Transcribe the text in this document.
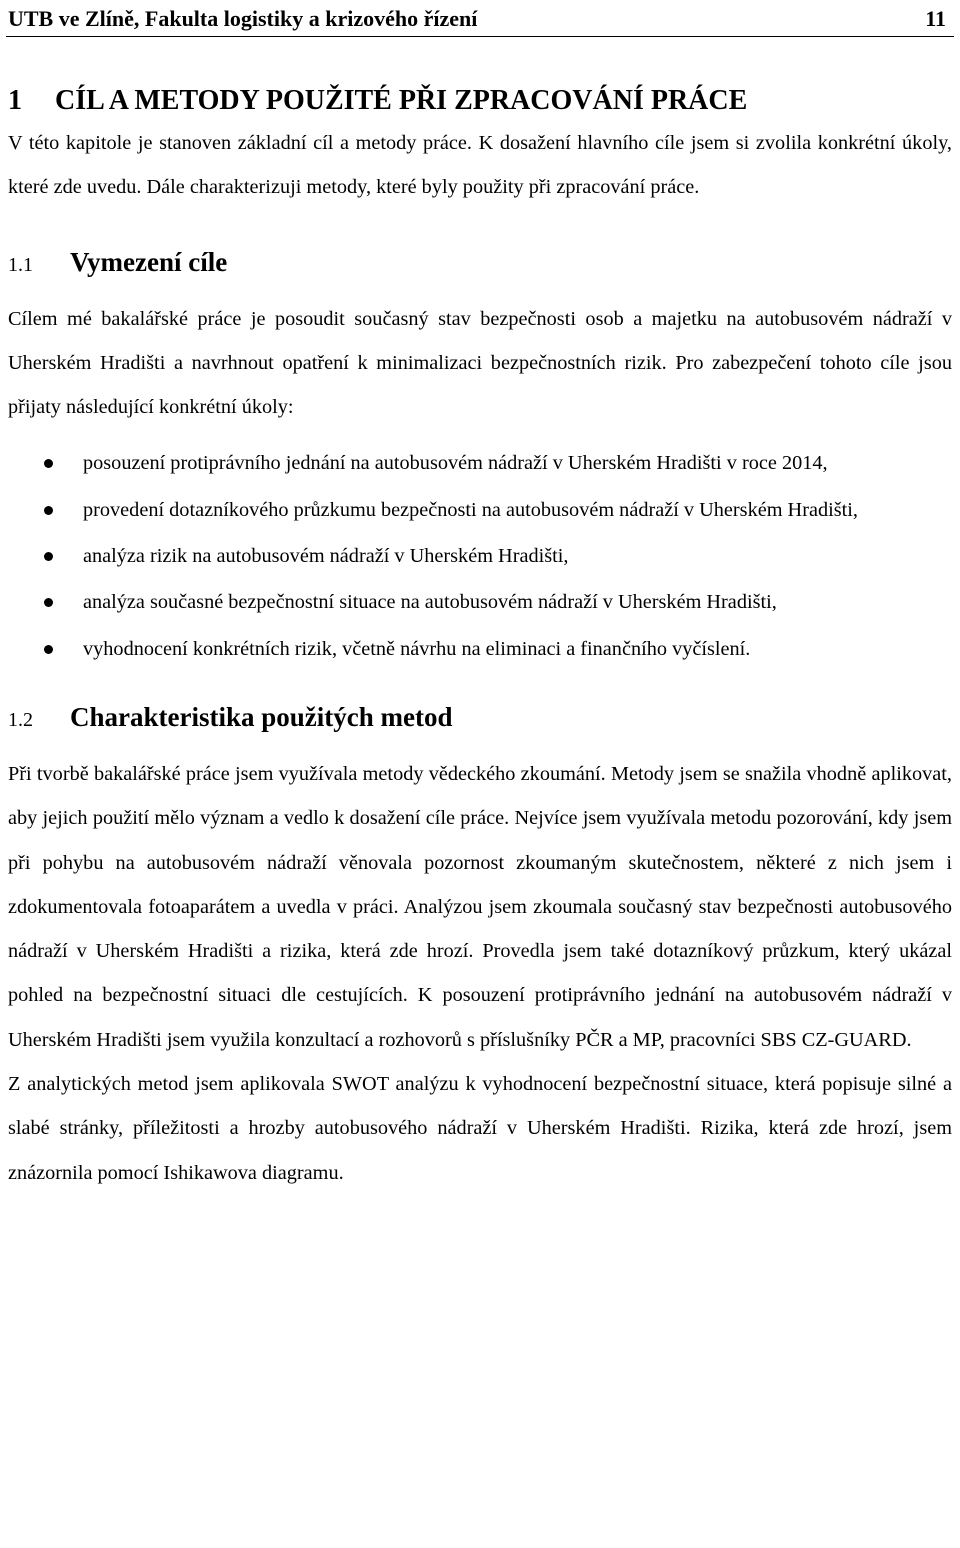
UTB ve Zlíně, Fakulta logistiky a krizového řízení	11
1	CÍL A METODY POUŽITÉ PŘI ZPRACOVÁNÍ PRÁCE

V této kapitole je stanoven základní cíl a metody práce. K dosažení hlavního cíle jsem si zvolila konkrétní úkoly, které zde uvedu. Dále charakterizuji metody, které byly použity při zpracování práce.

1.1	Vymezení cíle

Cílem mé bakalářské práce je posoudit současný stav bezpečnosti osob a majetku na autobusovém nádraží v Uherském Hradišti a navrhnout opatření k minimalizaci bezpečnostních rizik. Pro zabezpečení tohoto cíle jsou přijaty následující konkrétní úkoly:

posouzení protiprávního jednání na autobusovém nádraží v Uherském Hradišti v roce 2014,
provedení dotazníkového průzkumu bezpečnosti na autobusovém nádraží v Uherském Hradišti,
analýza rizik na autobusovém nádraží v Uherském Hradišti,
analýza současné bezpečnostní situace na autobusovém nádraží v Uherském Hradišti,
vyhodnocení konkrétních rizik, včetně návrhu na eliminaci a finančního vyčíslení.
1.2	Charakteristika použitých metod

Při tvorbě bakalářské práce jsem využívala metody vědeckého zkoumání. Metody jsem se snažila vhodně aplikovat, aby jejich použití mělo význam a vedlo k dosažení cíle práce. Nejvíce jsem využívala metodu pozorování, kdy jsem při pohybu na autobusovém nádraží věnovala pozornost zkoumaným skutečnostem, některé z nich jsem i zdokumentovala fotoaparátem a uvedla v práci. Analýzou jsem zkoumala současný stav bezpečnosti autobusového nádraží v Uherském Hradišti a rizika, která zde hrozí. Provedla jsem také dotazníkový průzkum, který ukázal pohled na bezpečnostní situaci dle cestujících. K posouzení protiprávního jednání na autobusovém nádraží v Uherském Hradišti jsem využila konzultací a rozhovorů s příslušníky PČR a MP, pracovníci SBS CZ-GUARD.

Z analytických metod jsem aplikovala SWOT analýzu k vyhodnocení bezpečnostní situace, která popisuje silné a slabé stránky, příležitosti a hrozby autobusového nádraží v Uherském Hradišti. Rizika, která zde hrozí, jsem znázornila pomocí Ishikawova diagramu.
